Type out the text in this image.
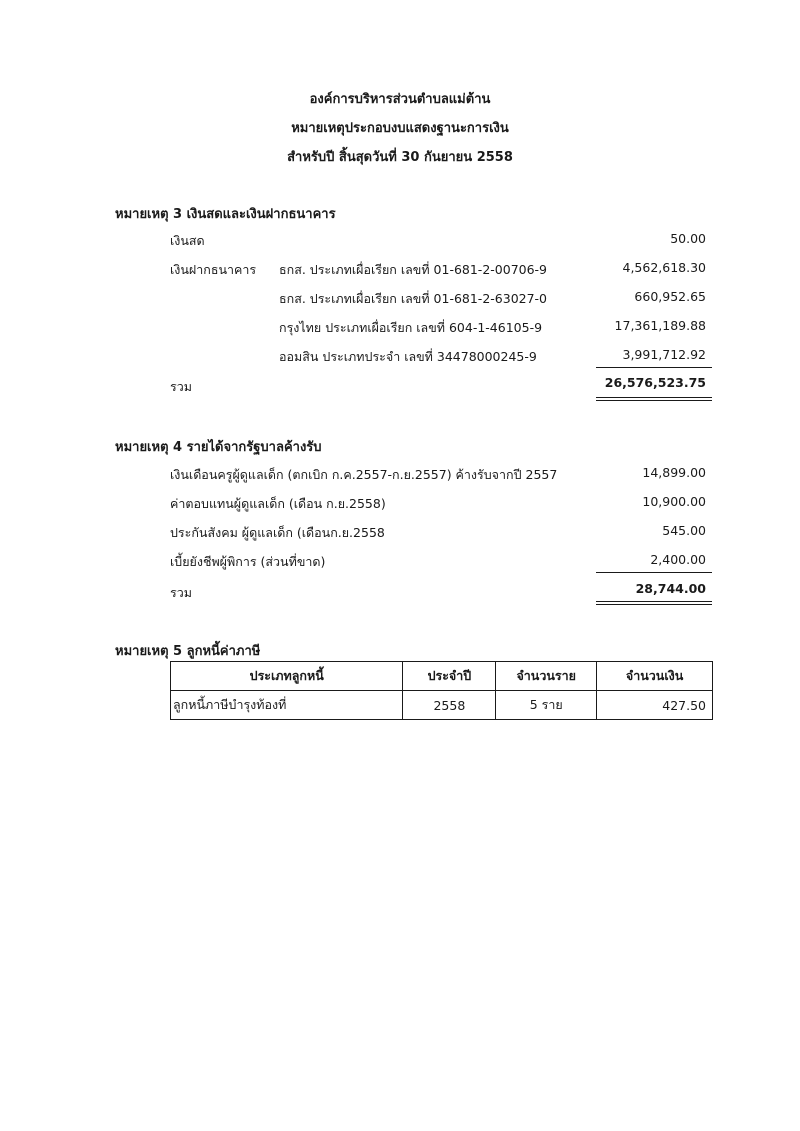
องค์การบริหารส่วนตำบลแม่ต้าน
หมายเหตุประกอบงบแสดงฐานะการเงิน
สำหรับปี สิ้นสุดวันที่ 30 กันยายน 2558
หมายเหตุ 3 เงินสดและเงินฝากธนาคาร
เงินสด	50.00
เงินฝากธนาคาร ธกส. ประเภทเผื่อเรียก เลขที่ 01-681-2-00706-9	4,562,618.30
ธกส. ประเภทเผื่อเรียก เลขที่ 01-681-2-63027-0	660,952.65
กรุงไทย ประเภทเผื่อเรียก เลขที่ 604-1-46105-9	17,361,189.88
ออมสิน ประเภทประจำ เลขที่ 34478000245-9	3,991,712.92
รวม	26,576,523.75
หมายเหตุ 4 รายได้จากรัฐบาลค้างรับ
เงินเดือนครูผู้ดูแลเด็ก (ตกเบิก ก.ค.2557-ก.ย.2557) ค้างรับจากปี 2557	14,899.00
ค่าตอบแทนผู้ดูแลเด็ก (เดือน ก.ย.2558)	10,900.00
ประกันสังคม ผู้ดูแลเด็ก (เดือนก.ย.2558	545.00
เบี้ยยังชีพผู้พิการ (ส่วนที่ขาด)	2,400.00
รวม	28,744.00
หมายเหตุ 5 ลูกหนี้ค่าภาษี
ประเภทลูกหนี้	ประจำปี	จำนวนราย	จำนวนเงิน
ลูกหนี้ภาษีบำรุงท้องที่	2558	5 ราย	427.50
